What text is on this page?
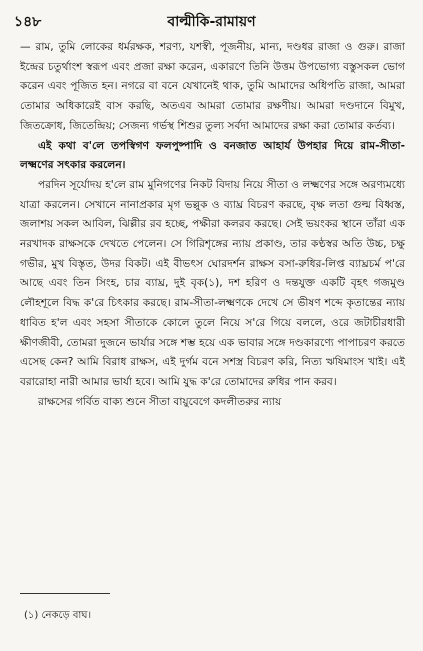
১৪৮	বাল্মীকি-রামায়ণ

— রাম, তুমি লোকের ধর্মরক্ষক, শরণ্য, যশস্বী, পূজনীয়, মান্য, দণ্ডধর রাজা ও গুরু। রাজা ইন্দ্রের চতুর্থাংশ স্বরূপ এবং প্রজা রক্ষা করেন, একারণে তিনি উত্তম উপভোগ্য বস্তুসকল ভোগ করেন এবং পূজিত হন। নগরে বা বনে যেখানেই থাক, তুমি আমাদের অধিপতি রাজা, আমরা তোমার অধিকারেই বাস করছি, অতএব আমরা তোমার রক্ষণীয়। আমরা দণ্ডদানে বিমুখ, জিতক্রোধ, জিতেন্দ্রিয়; সেজন্য গর্ভস্থ শিশুর তুল্য সর্বদা আমাদের রক্ষা করা তোমার কর্তব্য।

এই কথা ব'লে তপস্বিগণ ফলপুষ্পাদি ও বনজাত আহার্য উপহার দিয়ে রাম-সীতা-লক্ষ্মণের সৎকার করলেন।

পরদিন সূর্যোদয় হ'লে রাম মুনিগণের নিকট বিদায় নিয়ে সীতা ও লক্ষ্মণের সঙ্গে অরণ্যমধ্যে যাত্রা করলেন। সেখানে নানাপ্রকার মৃগ ভল্লুক ও ব্যাঘ্র বিচরণ করছে, বৃক্ষ লতা গুল্ম বিধ্বস্ত, জলাশয় সকল আবিল, ঝিল্লীর রব হচ্ছে, পক্ষীরা কলরব করছে। সেই ভয়ংকর স্থানে তাঁরা এক নরখাদক রাক্ষসকে দেখতে পেলেন। সে গিরিশৃঙ্গের ন্যায় প্রকাণ্ড, তার কণ্ঠস্বর অতি উচ্চ, চক্ষু গভীর, মুখ বিস্তৃত, উদর বিকট। এই বীভৎস ঘোরদর্শন রাক্ষস বসা-রুধির-লিপ্ত ব্যাঘ্রচর্ম প'রে আছে এবং তিন সিংহ, চার ব্যাঘ্র, দুই বৃক(১), দশ হরিণ ও দন্তযুক্ত একটি বৃহৎ গজমুণ্ড লৌহশূলে বিদ্ধ ক'রে চিৎকার করছে। রাম-সীতা-লক্ষ্মণকে দেখে সে ভীষণ শব্দে কৃতান্তের ন্যায় ধাবিত হ'ল এবং সহসা সীতাকে কোলে তুলে নিয়ে স'রে গিয়ে বললে, ওরে জটাচীরধারী ক্ষীণজীবী, তোমরা দুজনে ভার্যার সঙ্গে শম্ভ হয়ে এক ভাবার সঙ্গে দণ্ডকারণ্যে পাপাচরণ করতে এসেছ কেন? আমি বিরাধ রাক্ষস, এই দুর্গম বনে সশস্ত্র বিচরণ করি, নিত্য ঋষিমাংস খাই। এই বরারোহা নারী আমার ভার্যা হবে। আমি যুদ্ধ ক'রে তোমাদের রুধির পান করব।

রাক্ষসের গর্বিত বাক্য শুনে সীতা বায়ুবেগে কদলীতরুর ন্যায়

(১) নেকড়ে বাঘ।
